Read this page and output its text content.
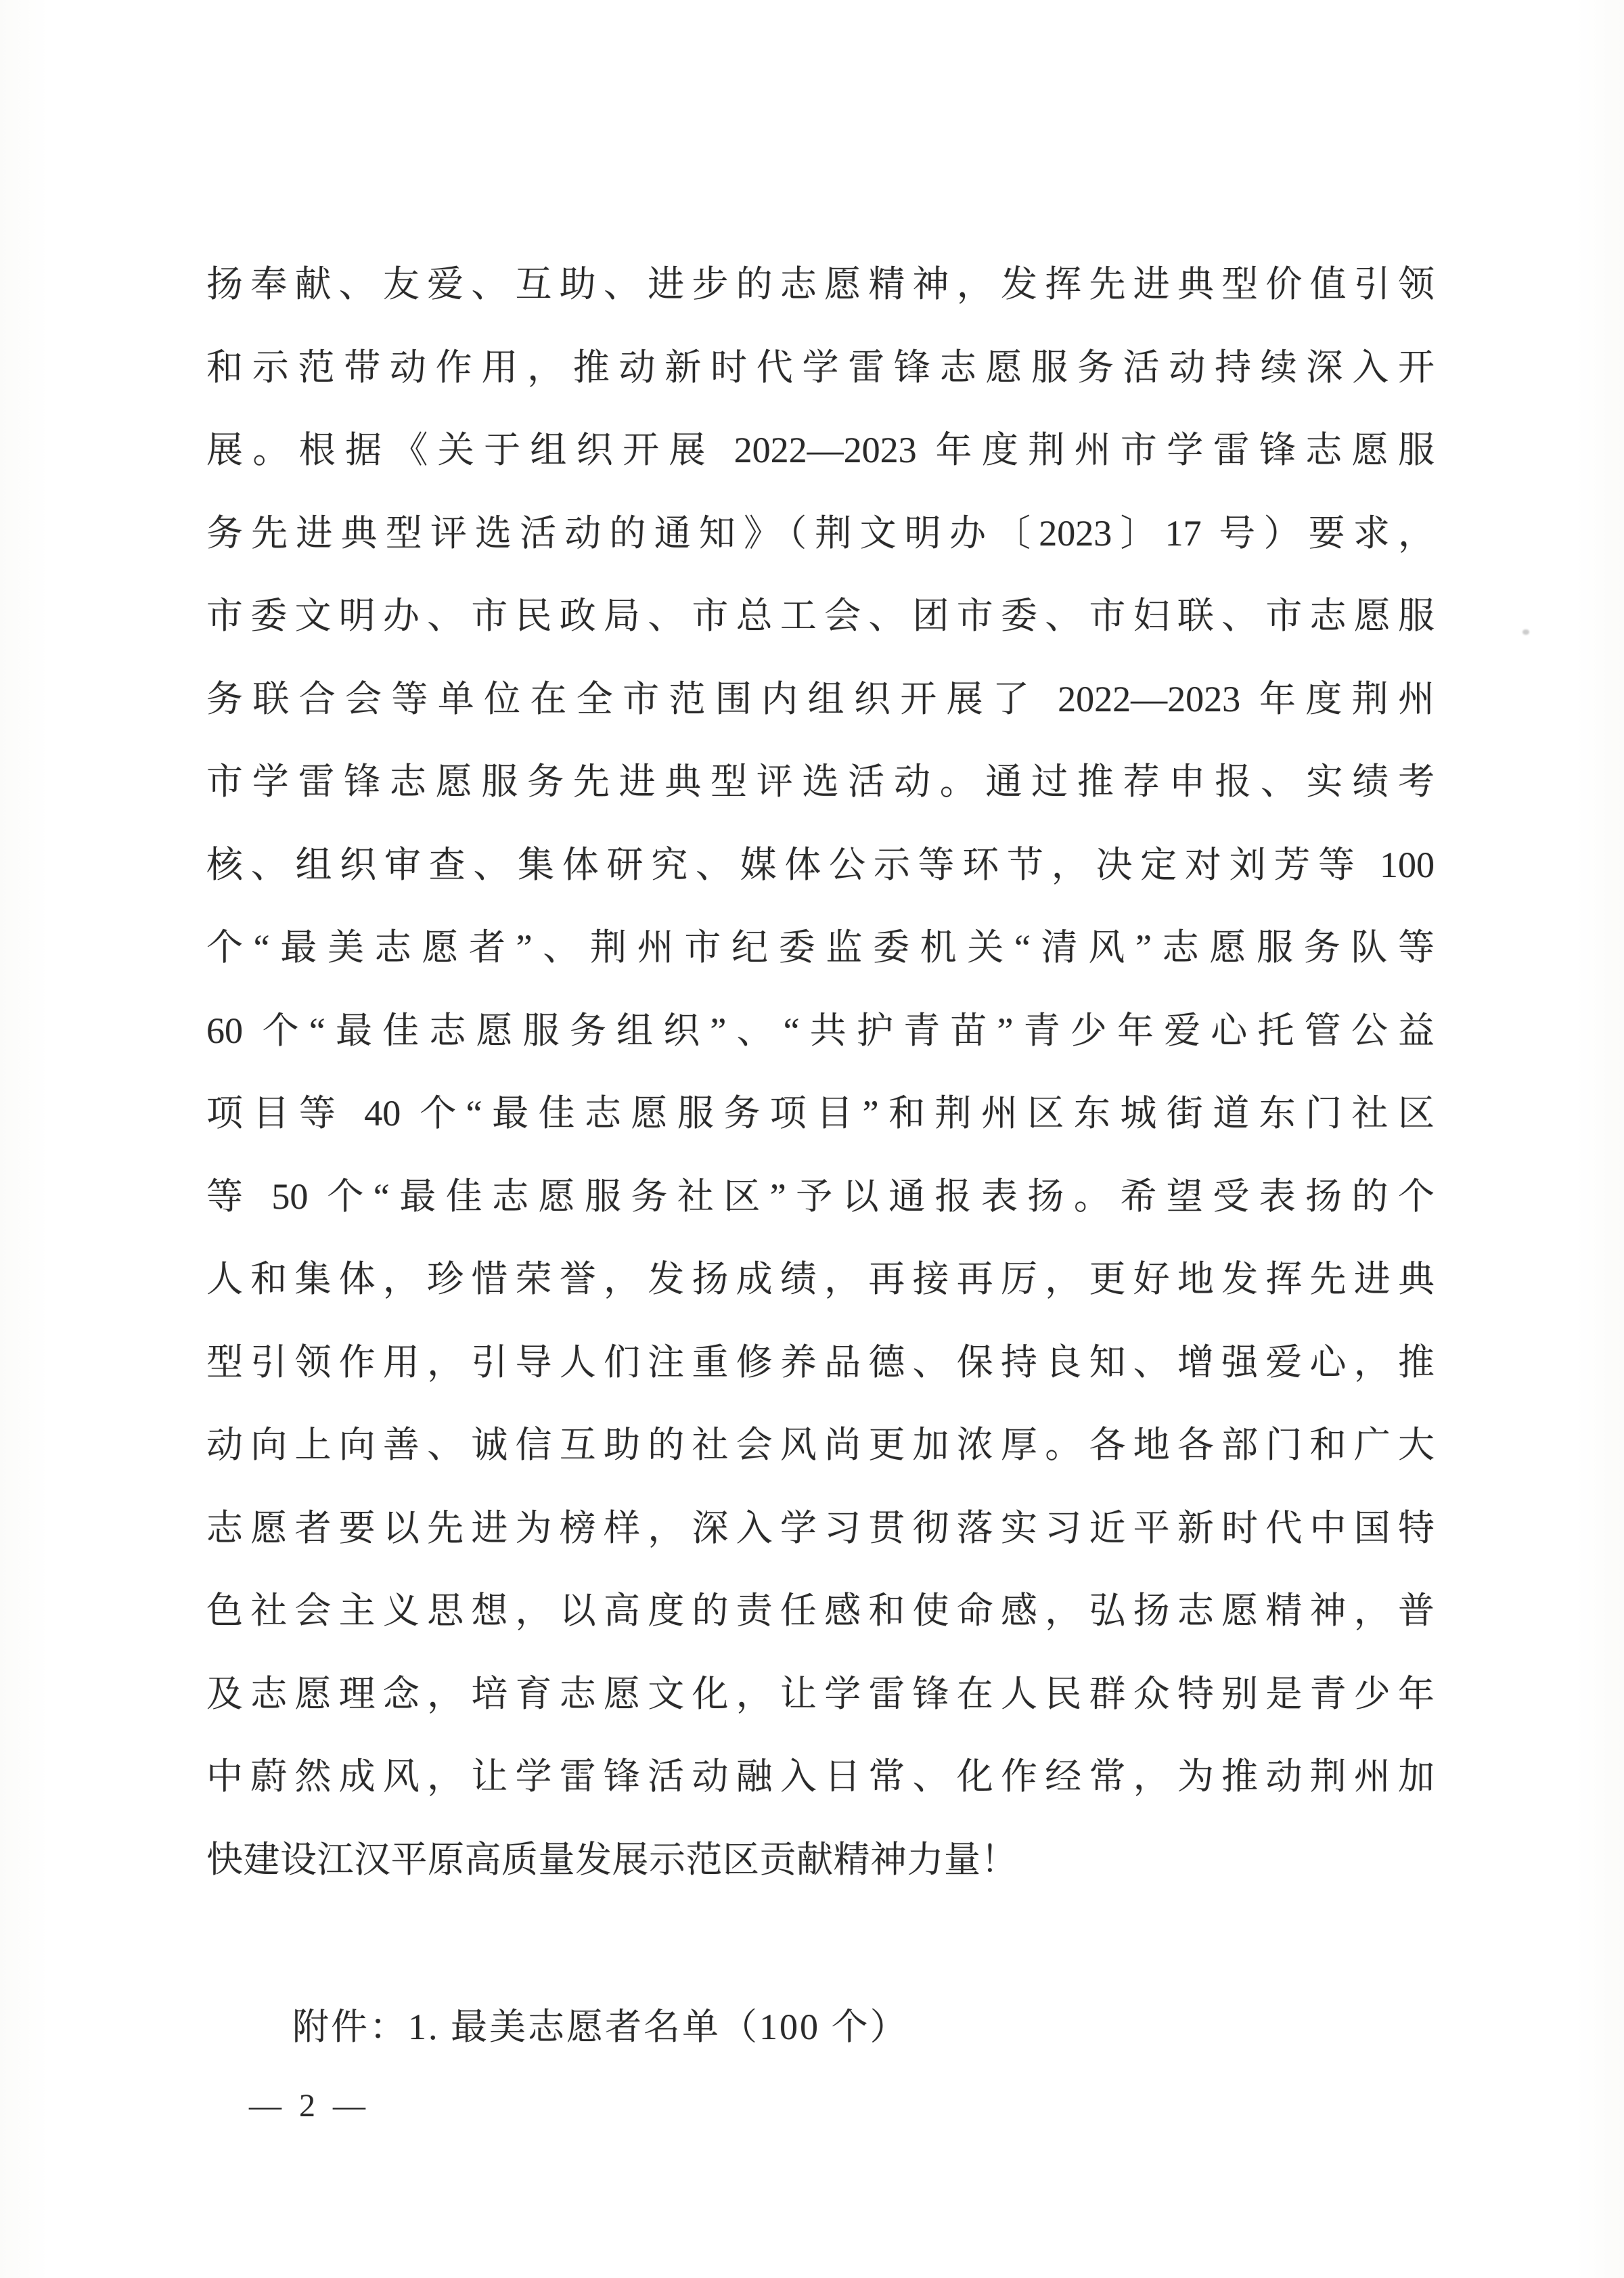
扬奉献、友爱、互助、进步的志愿精神，发挥先进典型价值引领
和示范带动作用，推动新时代学雷锋志愿服务活动持续深入开
展。根据《关于组织开展 2022—2023 年度荆州市学雷锋志愿服
务先进典型评选活动的通知》（荆文明办〔2023〕17 号）要求，
市委文明办、市民政局、市总工会、团市委、市妇联、市志愿服
务联合会等单位在全市范围内组织开展了 2022—2023 年度荆州
市学雷锋志愿服务先进典型评选活动。通过推荐申报、实绩考
核、组织审查、集体研究、媒体公示等环节，决定对刘芳等 100
个“最美志愿者”、荆州市纪委监委机关“清风”志愿服务队等
60 个“最佳志愿服务组织”、“共护青苗”青少年爱心托管公益
项目等 40 个“最佳志愿服务项目”和荆州区东城街道东门社区
等 50 个“最佳志愿服务社区”予以通报表扬。希望受表扬的个
人和集体，珍惜荣誉，发扬成绩，再接再厉，更好地发挥先进典
型引领作用，引导人们注重修养品德、保持良知、增强爱心，推
动向上向善、诚信互助的社会风尚更加浓厚。各地各部门和广大
志愿者要以先进为榜样，深入学习贯彻落实习近平新时代中国特
色社会主义思想，以高度的责任感和使命感，弘扬志愿精神，普
及志愿理念，培育志愿文化，让学雷锋在人民群众特别是青少年
中蔚然成风，让学雷锋活动融入日常、化作经常，为推动荆州加
快建设江汉平原高质量发展示范区贡献精神力量！
附件：1. 最美志愿者名单（100 个）
— 2 —
